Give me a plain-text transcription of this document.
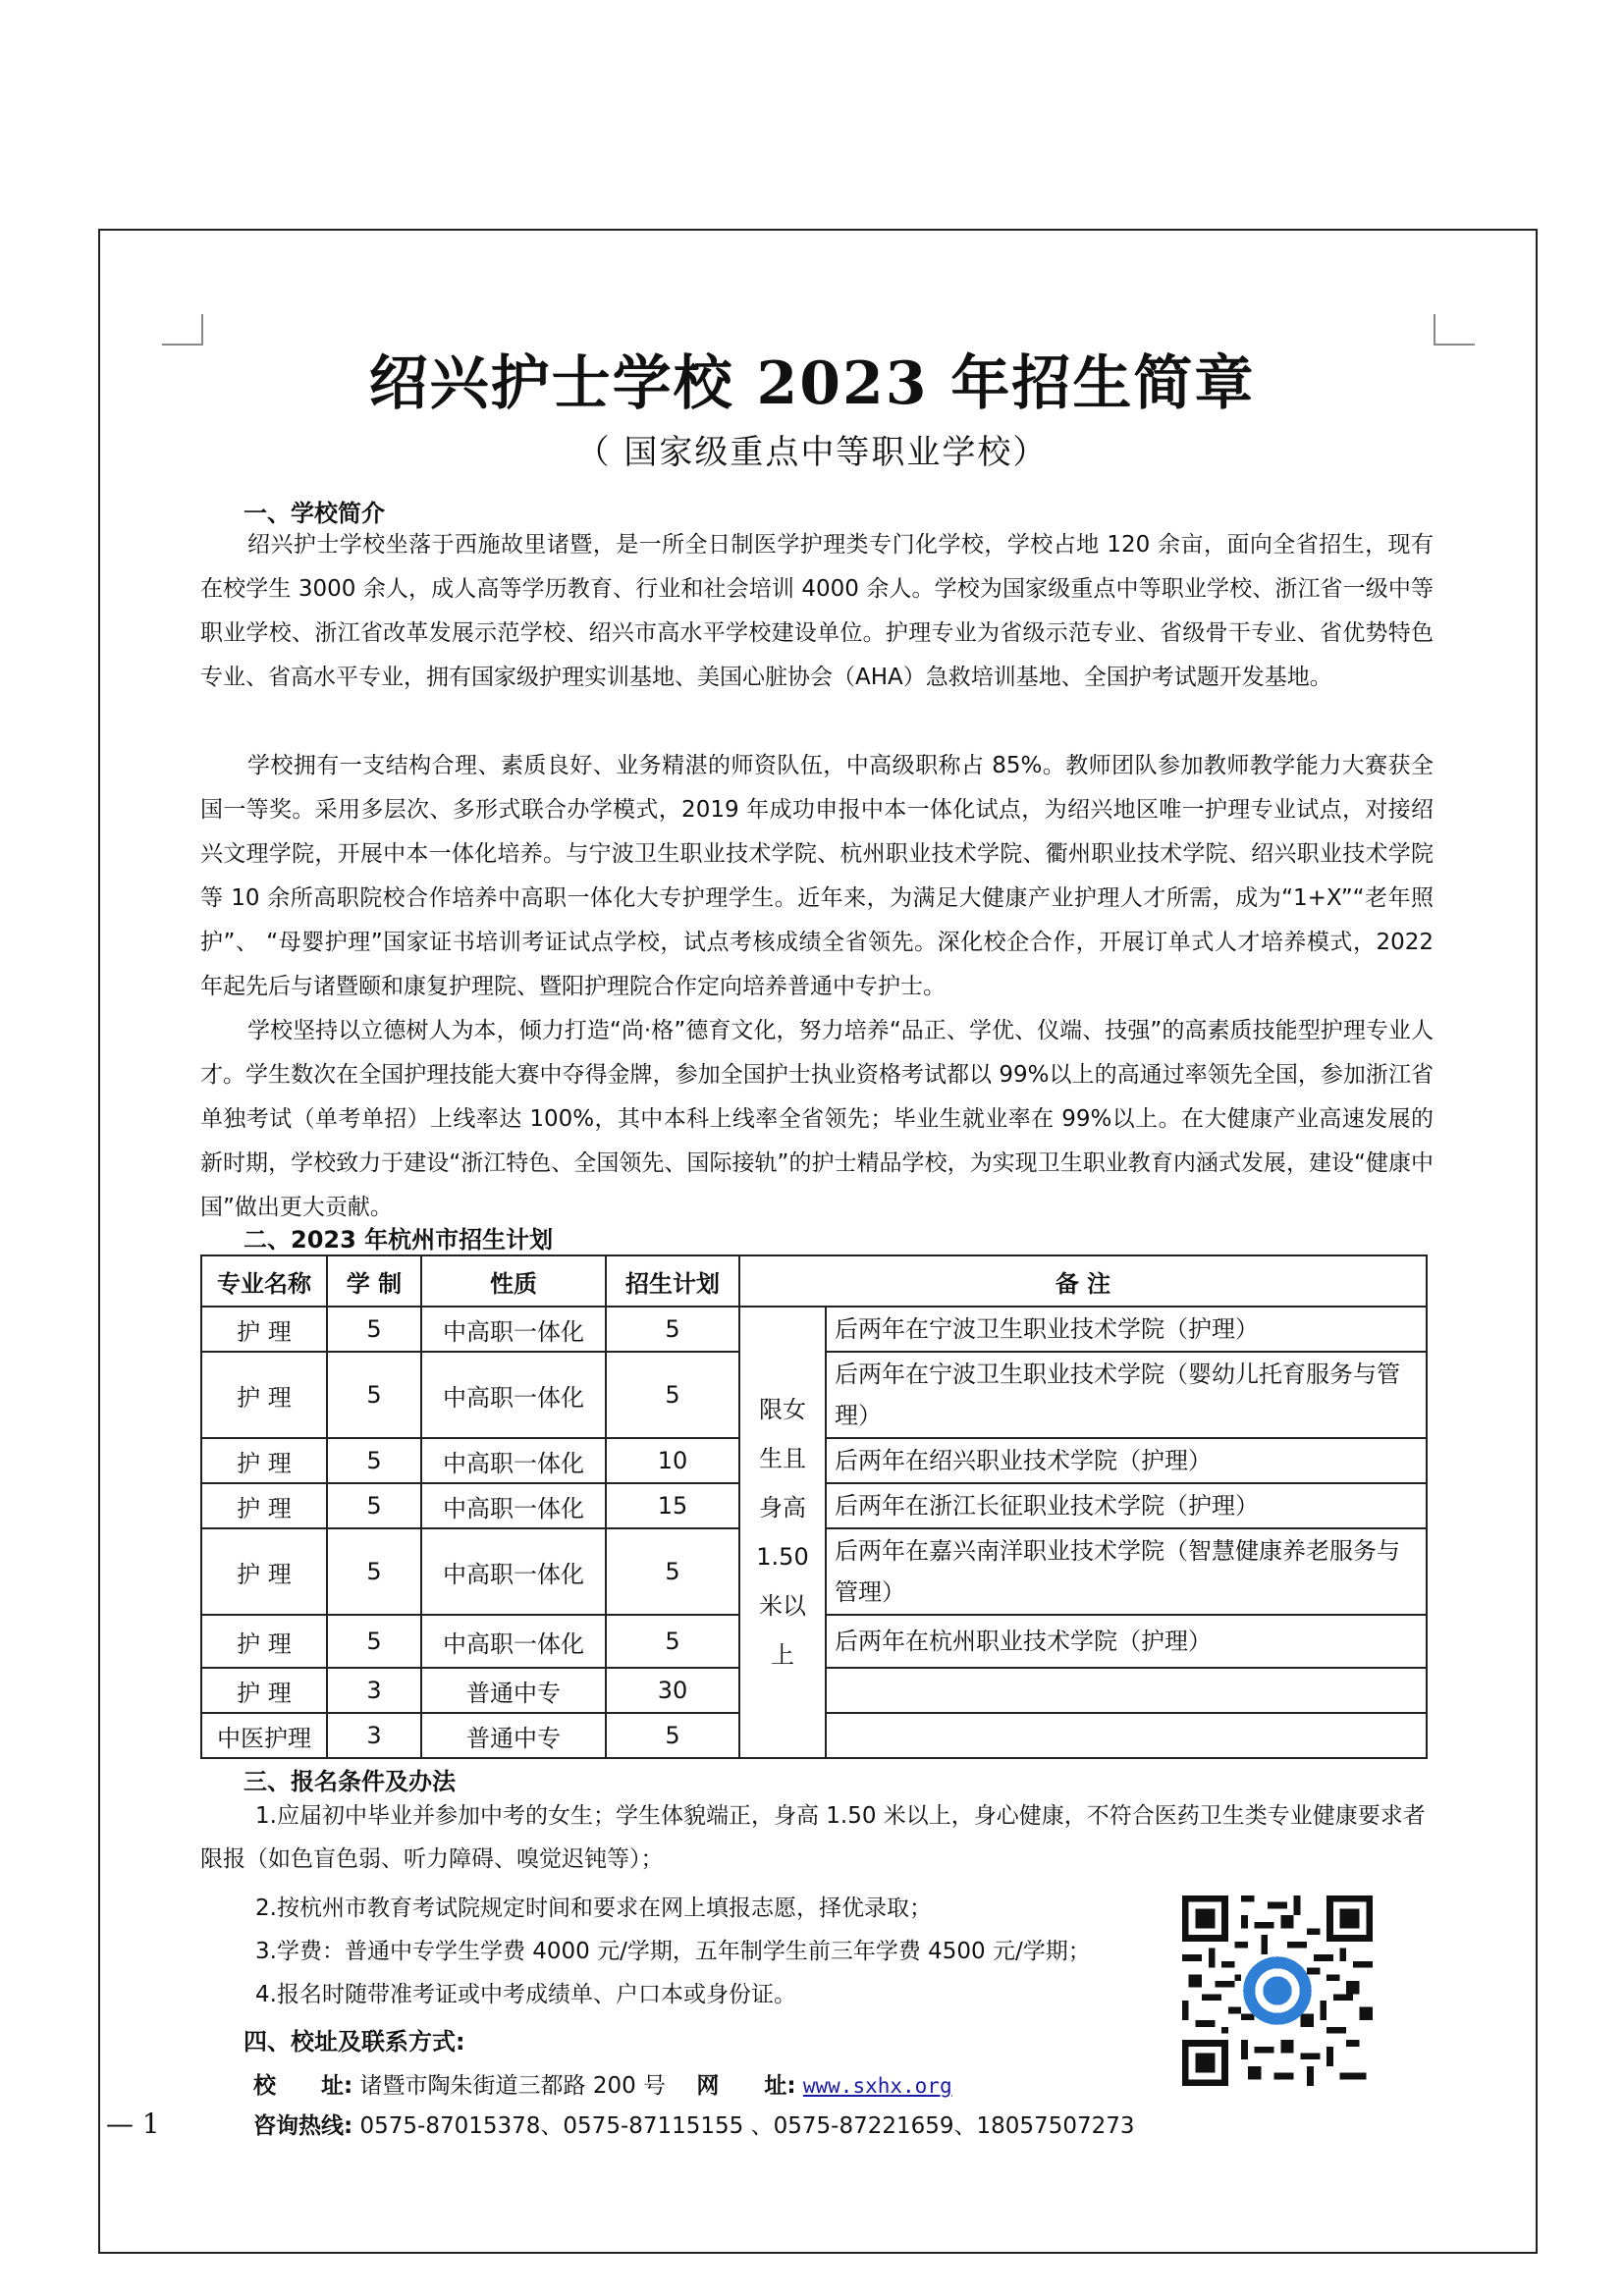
绍兴护士学校 2023 年招生简章
（ 国家级重点中等职业学校）
一、学校简介
绍兴护士学校坐落于西施故里诸暨，是一所全日制医学护理类专门化学校，学校占地 120 余亩，面向全省招生，现有在校学生 3000 余人，成人高等学历教育、行业和社会培训 4000 余人。学校为国家级重点中等职业学校、浙江省一级中等职业学校、浙江省改革发展示范学校、绍兴市高水平学校建设单位。护理专业为省级示范专业、省级骨干专业、省优势特色专业、省高水平专业，拥有国家级护理实训基地、美国心脏协会（AHA）急救培训基地、全国护考试题开发基地。
学校拥有一支结构合理、素质良好、业务精湛的师资队伍，中高级职称占 85%。教师团队参加教师教学能力大赛获全国一等奖。采用多层次、多形式联合办学模式，2019 年成功申报中本一体化试点，为绍兴地区唯一护理专业试点，对接绍兴文理学院，开展中本一体化培养。与宁波卫生职业技术学院、杭州职业技术学院、衢州职业技术学院、绍兴职业技术学院等 10 余所高职院校合作培养中高职一体化大专护理学生。近年来，为满足大健康产业护理人才所需，成为“1+X”“老年照护”、 “母婴护理”国家证书培训考证试点学校，试点考核成绩全省领先。深化校企合作，开展订单式人才培养模式，2022 年起先后与诸暨颐和康复护理院、暨阳护理院合作定向培养普通中专护士。
学校坚持以立德树人为本，倾力打造“尚·格”德育文化，努力培养“品正、学优、仪端、技强”的高素质技能型护理专业人才。学生数次在全国护理技能大赛中夺得金牌，参加全国护士执业资格考试都以 99%以上的高通过率领先全国，参加浙江省单独考试（单考单招）上线率达 100%，其中本科上线率全省领先；毕业生就业率在 99%以上。在大健康产业高速发展的新时期，学校致力于建设“浙江特色、全国领先、国际接轨”的护士精品学校，为实现卫生职业教育内涵式发展，建设“健康中国”做出更大贡献。
二、2023 年杭州市招生计划
专业名称	学 制	性质	招生计划	备 注	
护 理	5	中高职一体化	5	限女生且身高1.50米以上	后两年在宁波卫生职业技术学院（护理）
护 理	5	中高职一体化	5		后两年在宁波卫生职业技术学院（婴幼儿托育服务与管理）
护 理	5	中高职一体化	10		后两年在绍兴职业技术学院（护理）
护 理	5	中高职一体化	15		后两年在浙江长征职业技术学院（护理）
护 理	5	中高职一体化	5		后两年在嘉兴南洋职业技术学院（智慧健康养老服务与管理）
护 理	5	中高职一体化	5		后两年在杭州职业技术学院（护理）
护 理	3	普通中专	30		
中医护理	3	普通中专	5		
三、报名条件及办法
1.应届初中毕业并参加中考的女生；学生体貌端正，身高 1.50 米以上，身心健康，不符合医药卫生类专业健康要求者限报（如色盲色弱、听力障碍、嗅觉迟钝等）；
2.按杭州市教育考试院规定时间和要求在网上填报志愿，择优录取；
3.学费：普通中专学生学费 4000 元/学期，五年制学生前三年学费 4500 元/学期；
4.报名时随带准考证或中考成绩单、户口本或身份证。
四、校址及联系方式:
校　　址: 诸暨市陶朱街道三都路 200 号 网　　址: www.sxhx.org
咨询热线: 0575-87015378、0575-87115155 、0575-87221659、18057507273
— 1
